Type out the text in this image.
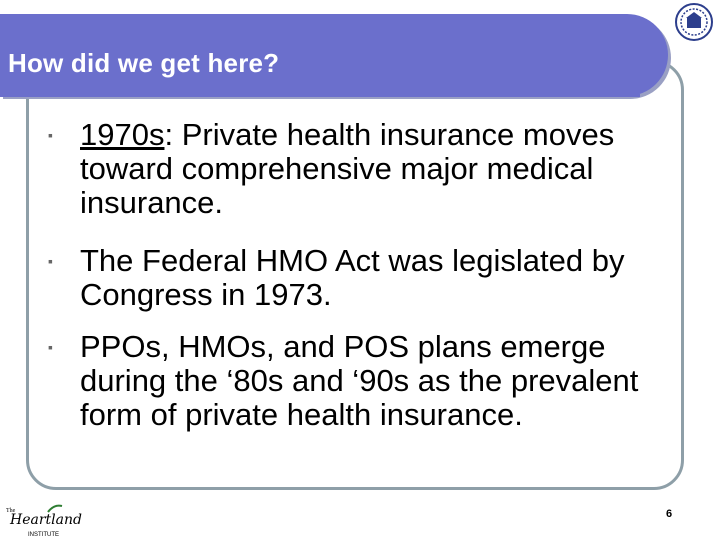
How did we get here?
▪ 1970s: Private health insurance moves toward comprehensive major medical insurance.
▪ The Federal HMO Act was legislated by Congress in 1973.
▪ PPOs, HMOs, and POS plans emerge during the ‘80s and ‘90s as the prevalent form of private health insurance.
The
Heartland
INSTITUTE
6
